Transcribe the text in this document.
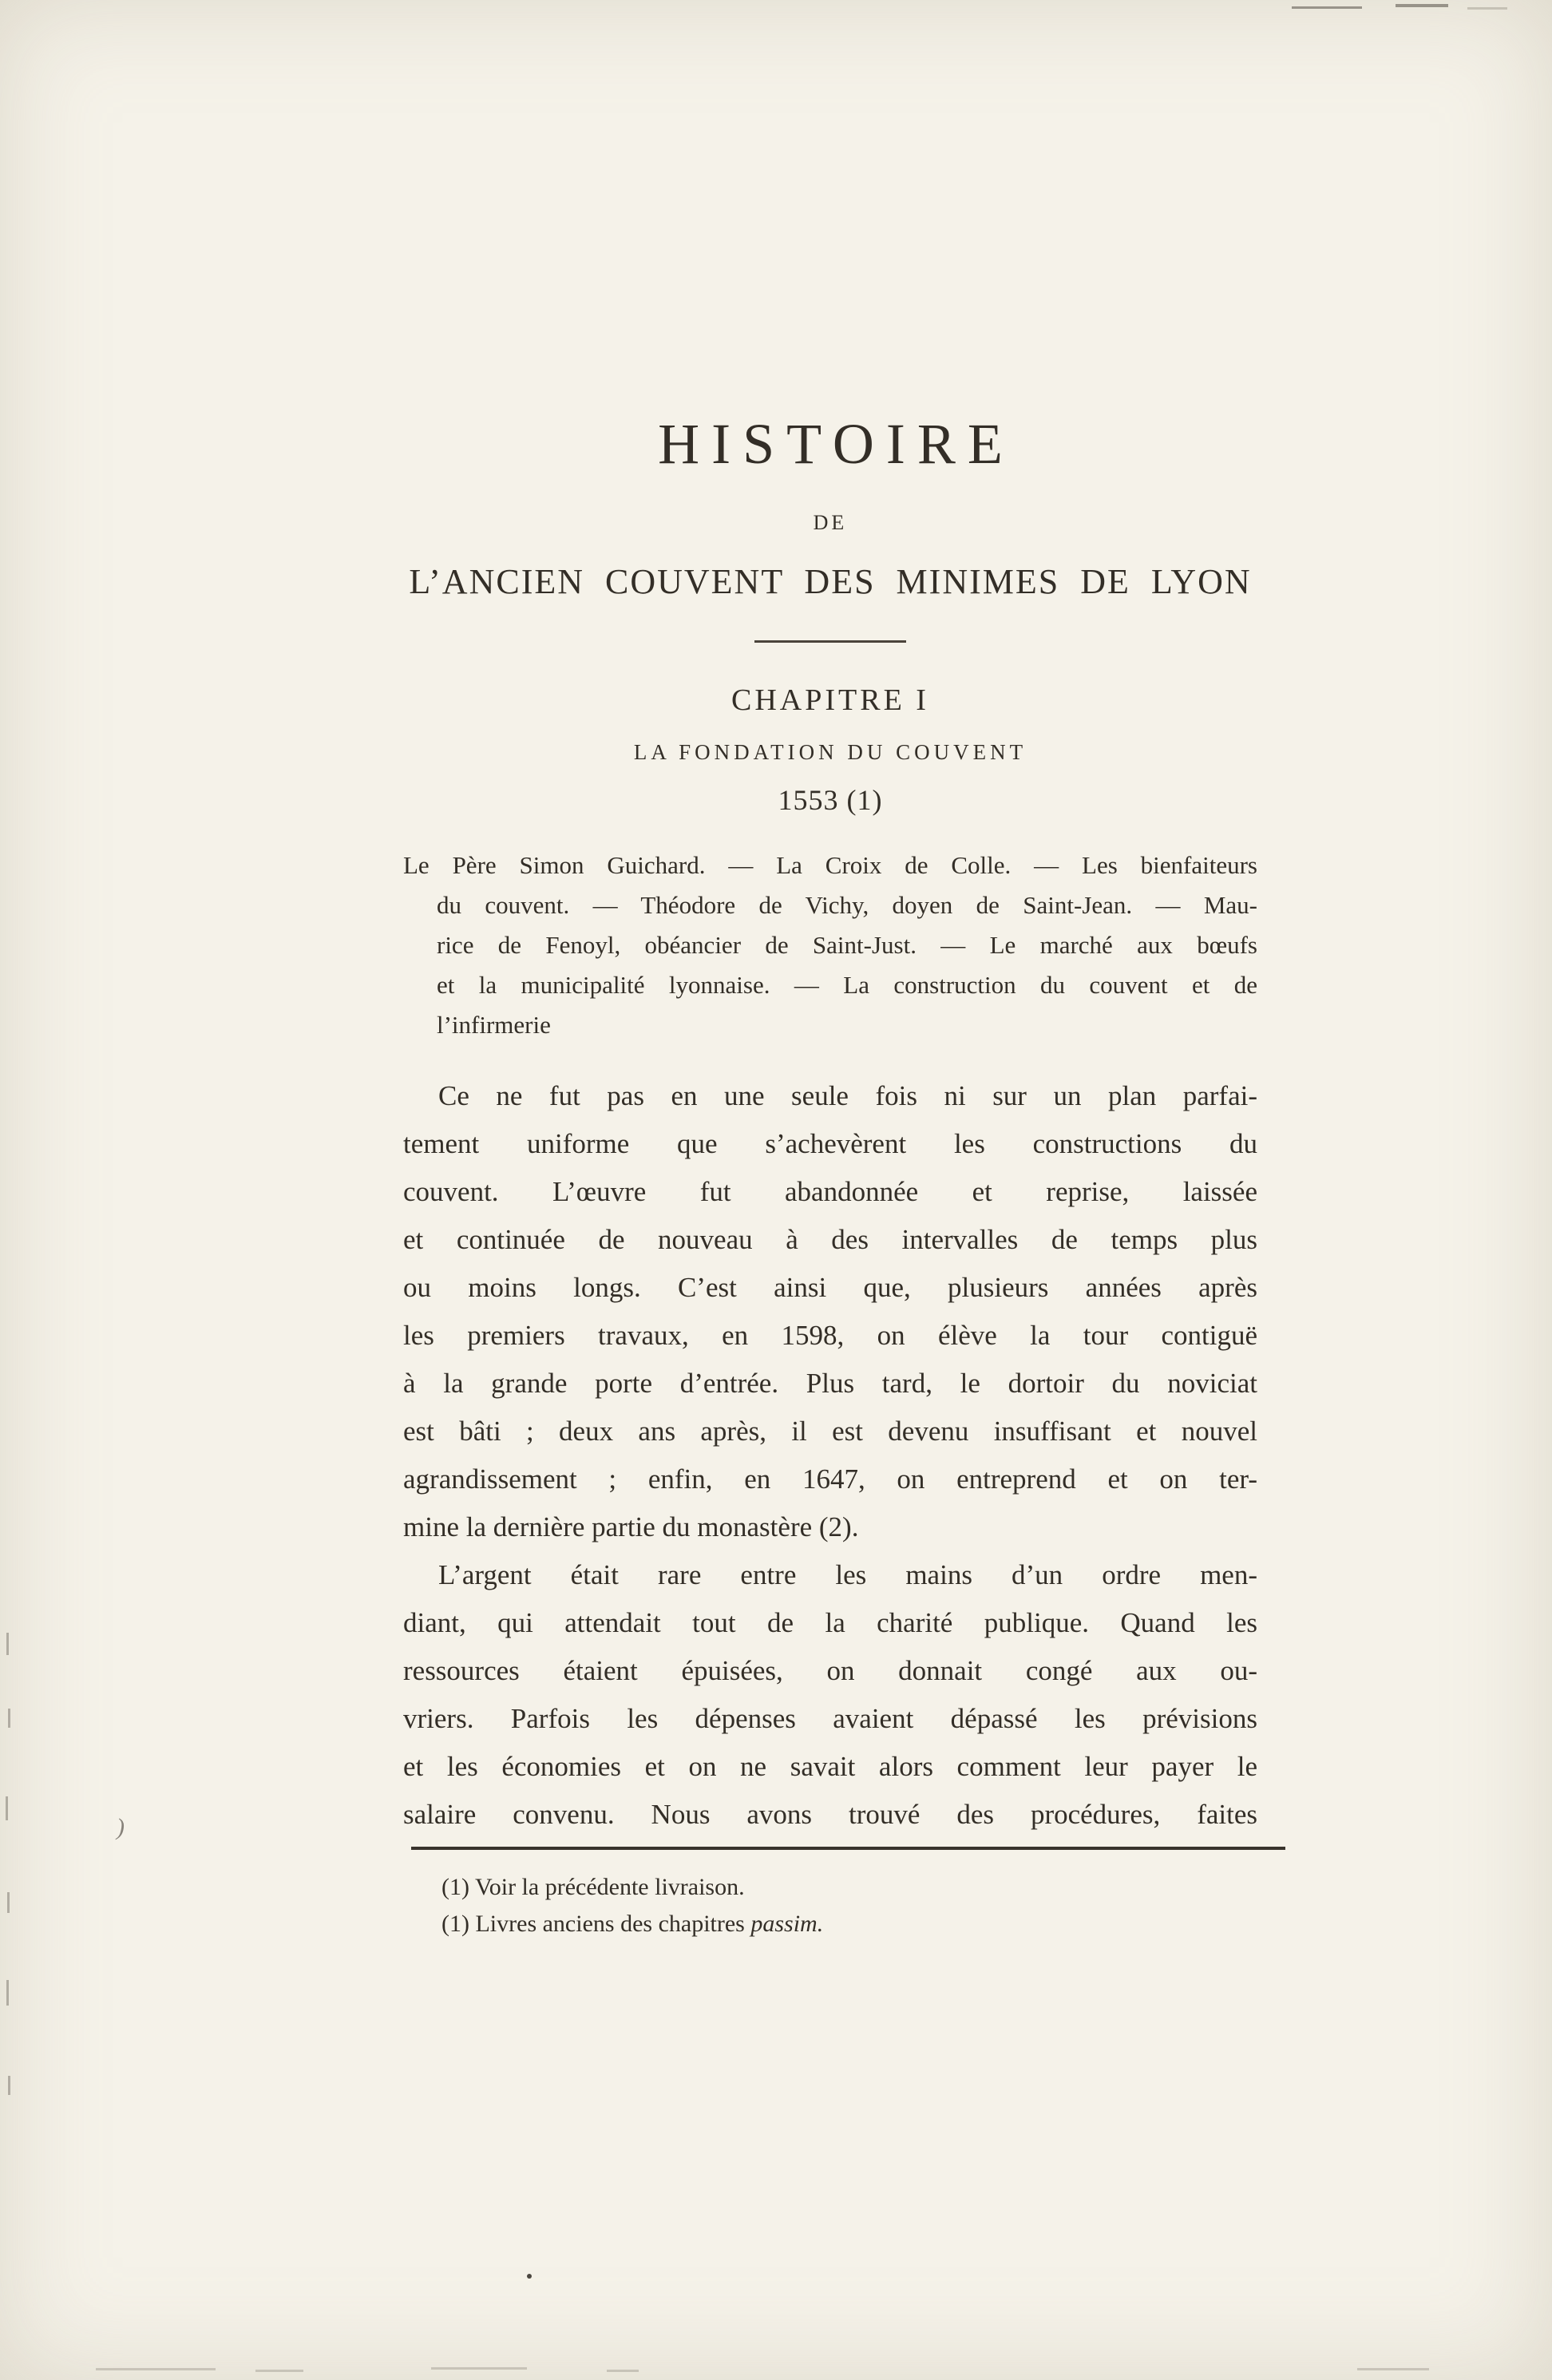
HISTOIRE
DE
L’ANCIEN COUVENT DES MINIMES DE LYON
CHAPITRE I
LA FONDATION DU COUVENT
1553 (1)
Le Père Simon Guichard. — La Croix de Colle. — Les bienfaiteurs
du couvent. — Théodore de Vichy, doyen de Saint-Jean. — Mau-
rice de Fenoyl, obéancier de Saint-Just. — Le marché aux bœufs
et la municipalité lyonnaise. — La construction du couvent et de
l’infirmerie
Ce ne fut pas en une seule fois ni sur un plan parfai-
tement uniforme que s’achevèrent les constructions du
couvent. L’œuvre fut abandonnée et reprise, laissée
et continuée de nouveau à des intervalles de temps plus
ou moins longs. C’est ainsi que, plusieurs années après
les premiers travaux, en 1598, on élève la tour contiguë
à la grande porte d’entrée. Plus tard, le dortoir du noviciat
est bâti ; deux ans après, il est devenu insuffisant et nouvel
agrandissement ; enfin, en 1647, on entreprend et on ter-
mine la dernière partie du monastère (2).
L’argent était rare entre les mains d’un ordre men-
diant, qui attendait tout de la charité publique. Quand les
ressources étaient épuisées, on donnait congé aux ou-
vriers. Parfois les dépenses avaient dépassé les prévisions
et les économies et on ne savait alors comment leur payer le
salaire convenu. Nous avons trouvé des procédures, faites
(1) Voir la précédente livraison.
(1) Livres anciens des chapitres passim.
)
